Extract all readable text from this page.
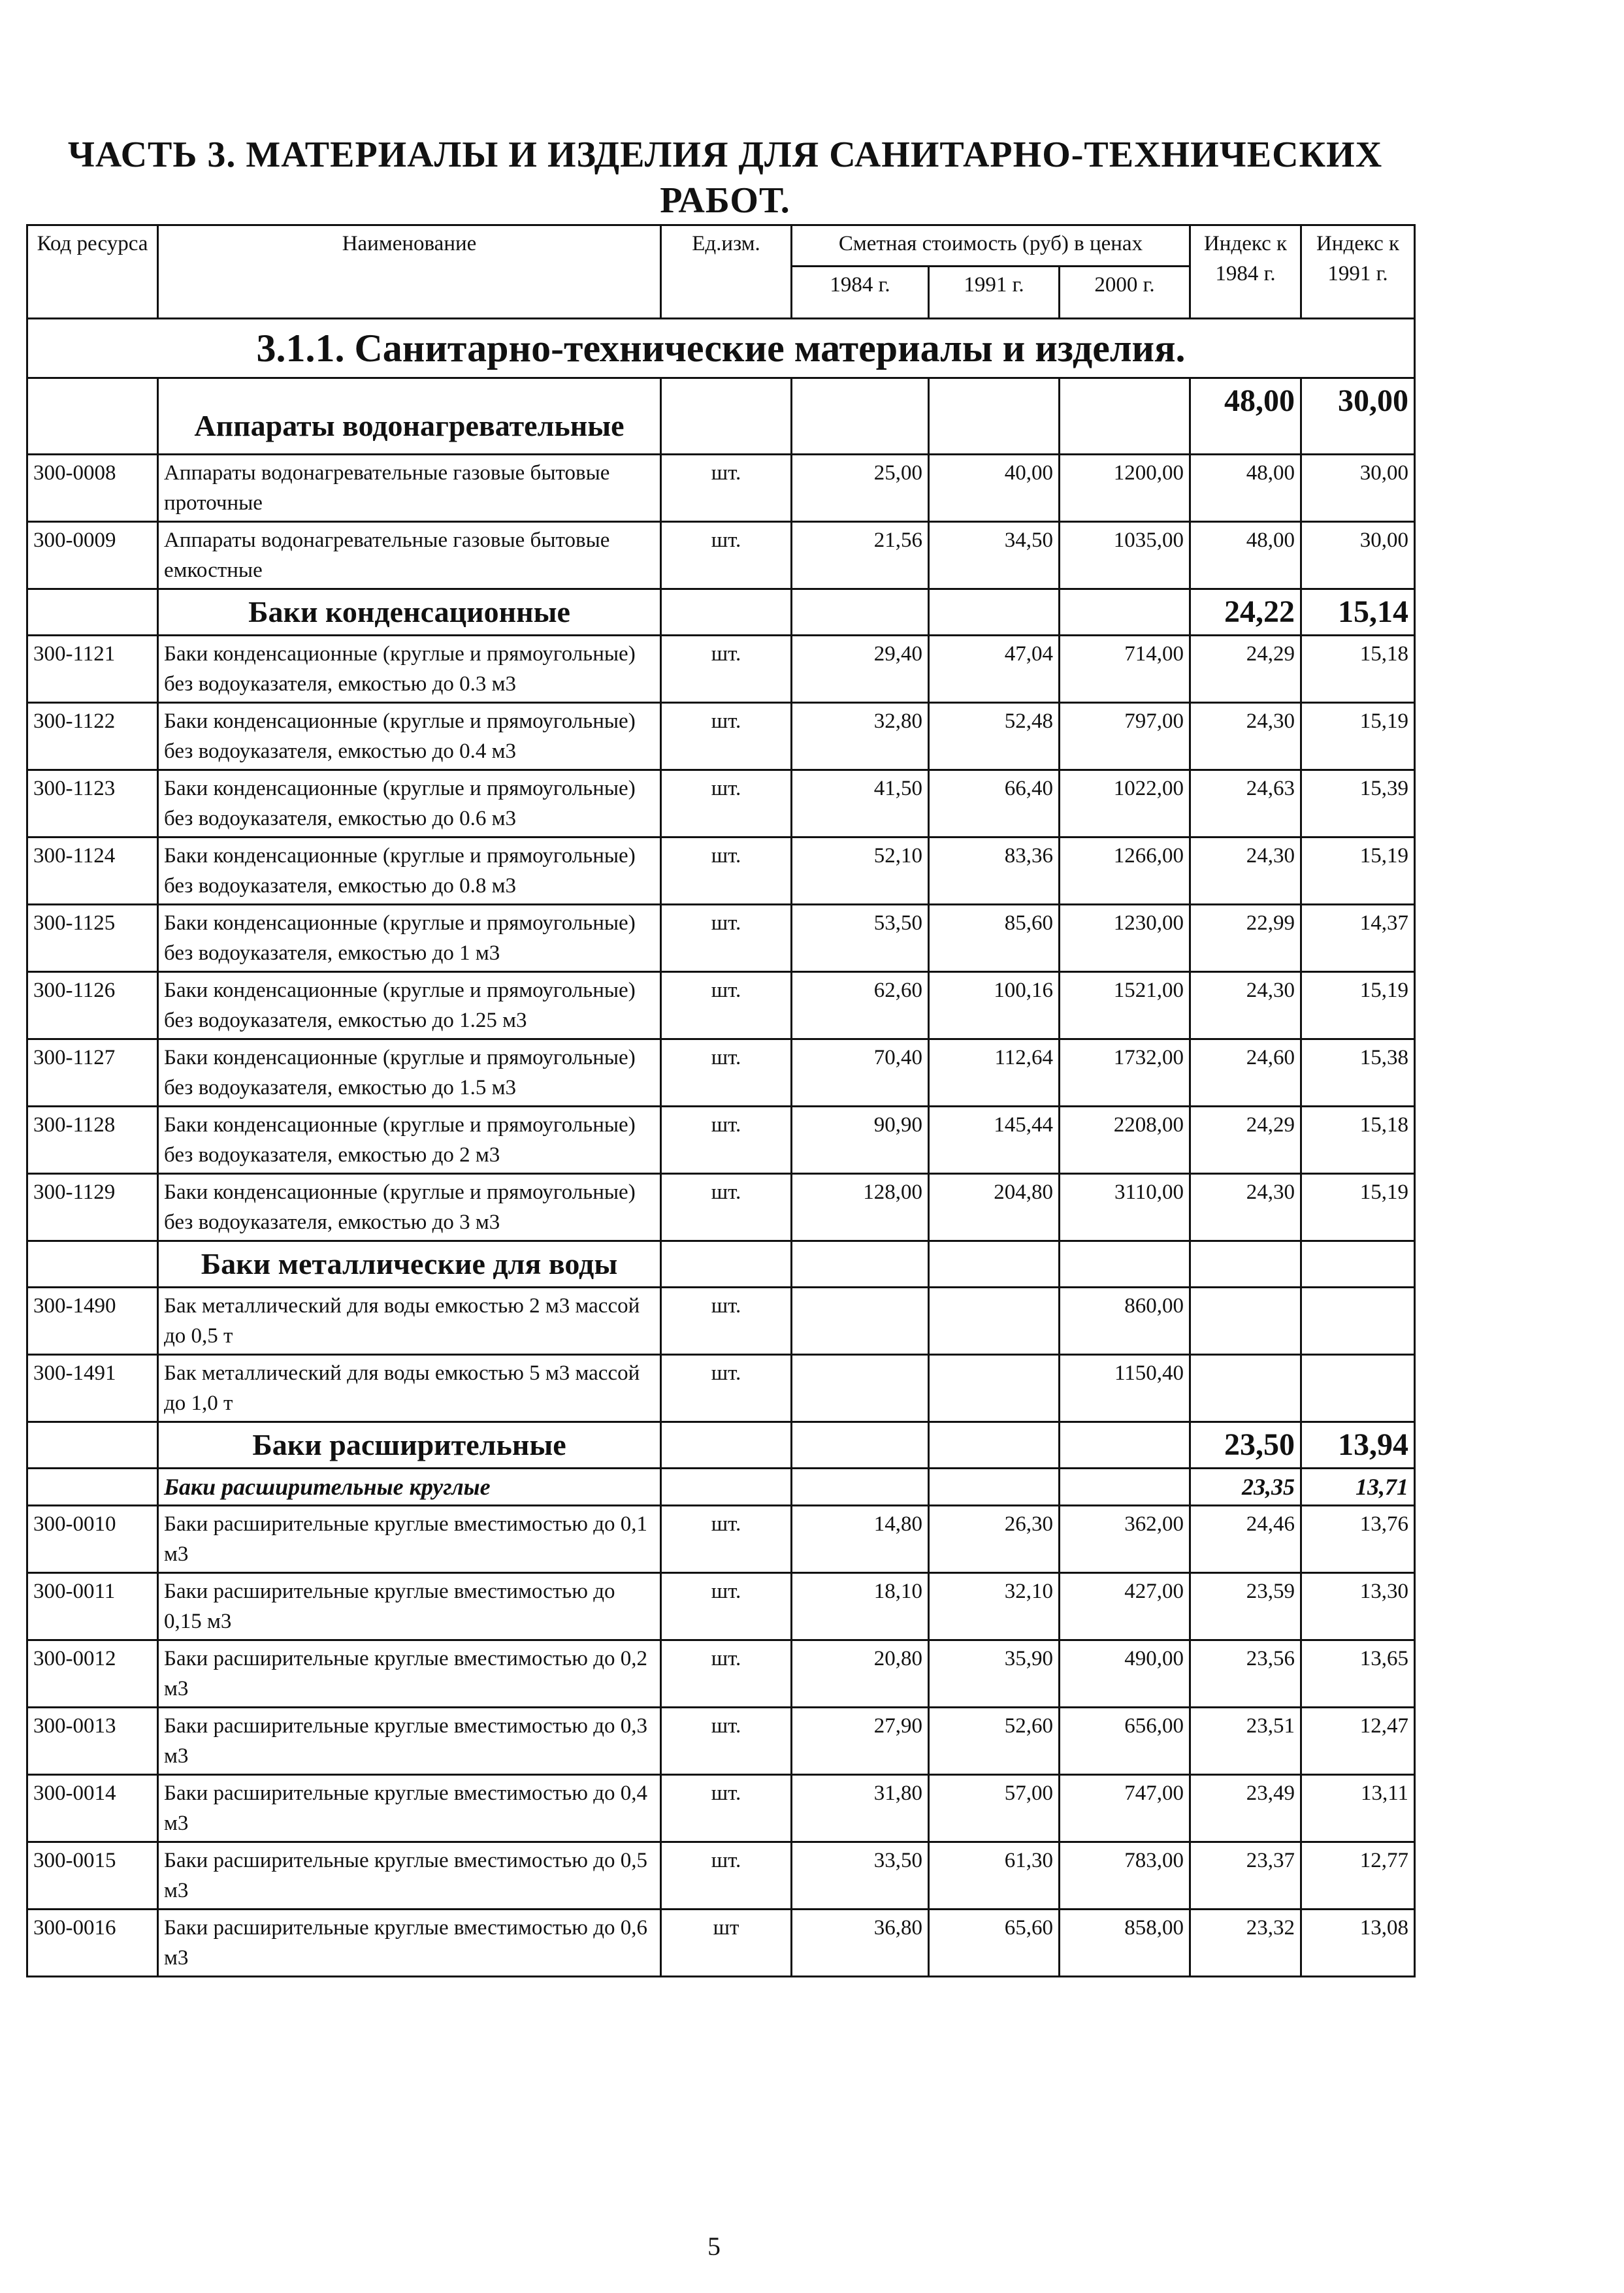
ЧАСТЬ 3. МАТЕРИАЛЫ И ИЗДЕЛИЯ ДЛЯ САНИТАРНО-ТЕХНИЧЕСКИХ
РАБОТ.
Код ресурса	Наименование	Ед.изм.	Сметная стоимость (руб) в ценах			Индекс к 1984 г.	Индекс к 1991 г.
			1984 г.	1991 г.	2000 г.		
3.1.1. Санитарно-технические материалы и изделия.							
	Аппараты водонагревательные					48,00	30,00
300-0008	Аппараты водонагревательные газовые бытовые проточные	шт.	25,00	40,00	1200,00	48,00	30,00
300-0009	Аппараты водонагревательные газовые бытовые емкостные	шт.	21,56	34,50	1035,00	48,00	30,00
	Баки конденсационные					24,22	15,14
300-1121	Баки конденсационные (круглые и прямоугольные) без водоуказателя, емкостью до 0.3 м3	шт.	29,40	47,04	714,00	24,29	15,18
300-1122	Баки конденсационные (круглые и прямоугольные) без водоуказателя, емкостью до 0.4 м3	шт.	32,80	52,48	797,00	24,30	15,19
300-1123	Баки конденсационные (круглые и прямоугольные) без водоуказателя, емкостью до 0.6 м3	шт.	41,50	66,40	1022,00	24,63	15,39
300-1124	Баки конденсационные (круглые и прямоугольные) без водоуказателя, емкостью до 0.8 м3	шт.	52,10	83,36	1266,00	24,30	15,19
300-1125	Баки конденсационные (круглые и прямоугольные) без водоуказателя, емкостью до 1 м3	шт.	53,50	85,60	1230,00	22,99	14,37
300-1126	Баки конденсационные (круглые и прямоугольные) без водоуказателя, емкостью до 1.25 м3	шт.	62,60	100,16	1521,00	24,30	15,19
300-1127	Баки конденсационные (круглые и прямоугольные) без водоуказателя, емкостью до 1.5 м3	шт.	70,40	112,64	1732,00	24,60	15,38
300-1128	Баки конденсационные (круглые и прямоугольные) без водоуказателя, емкостью до 2 м3	шт.	90,90	145,44	2208,00	24,29	15,18
300-1129	Баки конденсационные (круглые и прямоугольные) без водоуказателя, емкостью до 3 м3	шт.	128,00	204,80	3110,00	24,30	15,19
	Баки металлические для воды						
300-1490	Бак металлический для воды емкостью 2 м3 массой до 0,5 т	шт.			860,00		
300-1491	Бак металлический для воды емкостью 5 м3 массой до 1,0 т	шт.			1150,40		
	Баки расширительные					23,50	13,94
	Баки расширительные круглые					23,35	13,71
300-0010	Баки расширительные круглые вместимостью до 0,1 м3	шт.	14,80	26,30	362,00	24,46	13,76
300-0011	Баки расширительные круглые вместимостью до 0,15 м3	шт.	18,10	32,10	427,00	23,59	13,30
300-0012	Баки расширительные круглые вместимостью до 0,2 м3	шт.	20,80	35,90	490,00	23,56	13,65
300-0013	Баки расширительные круглые вместимостью до 0,3 м3	шт.	27,90	52,60	656,00	23,51	12,47
300-0014	Баки расширительные круглые вместимостью до 0,4 м3	шт.	31,80	57,00	747,00	23,49	13,11
300-0015	Баки расширительные круглые вместимостью до 0,5 м3	шт.	33,50	61,30	783,00	23,37	12,77
300-0016	Баки расширительные круглые вместимостью до 0,6 м3	шт	36,80	65,60	858,00	23,32	13,08
5
